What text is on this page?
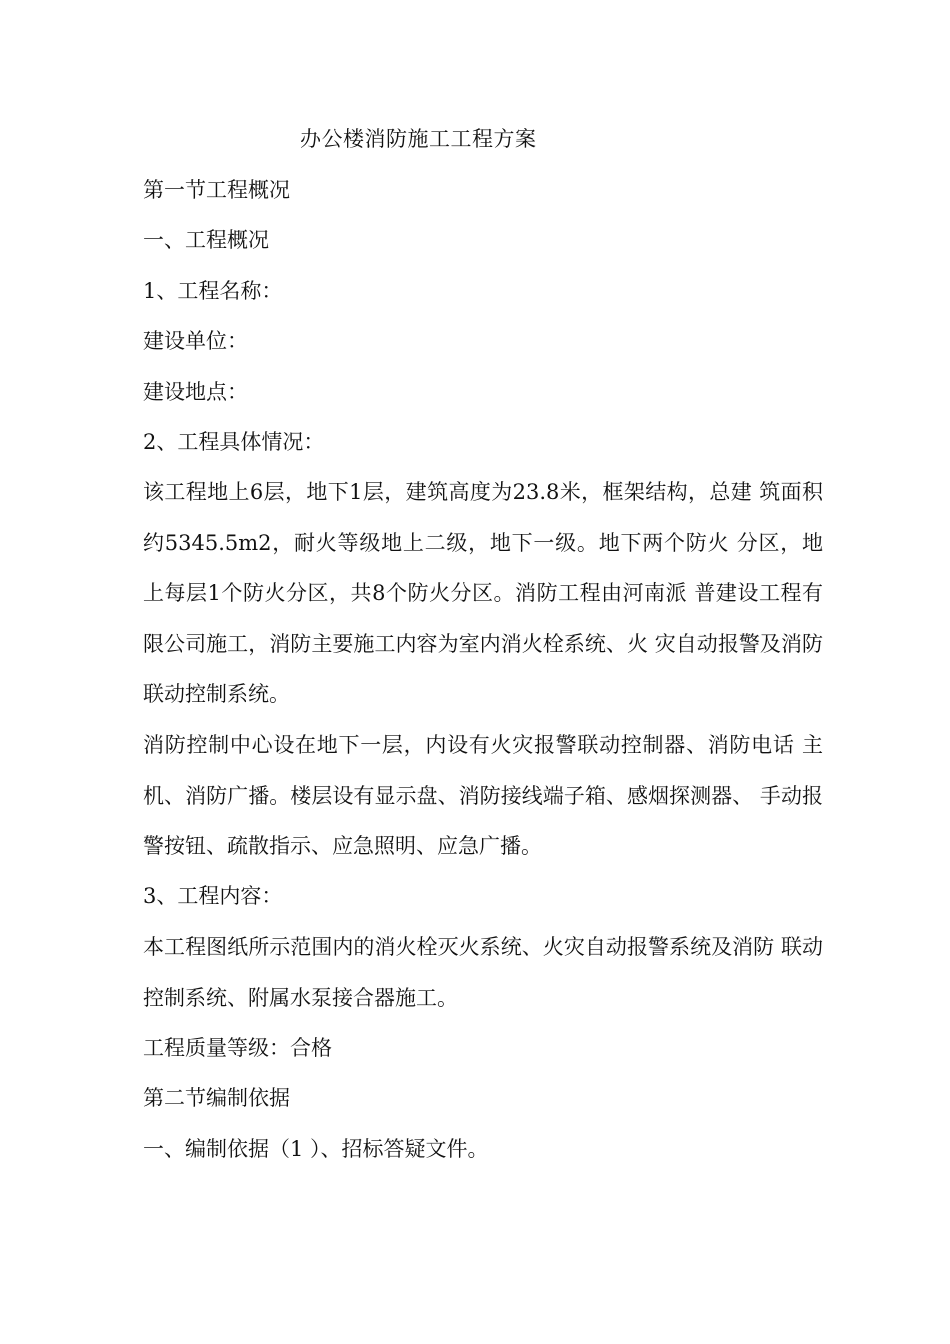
办公楼消防施工工程方案
第一节工程概况
一、工程概况
1、工程名称：
建设单位：
建设地点：
2、工程具体情况：
该工程地上6层，地下1层，建筑高度为23.8米，框架结构，总建 筑面积约5345.5m2，耐火等级地上二级，地下一级。地下两个防火 分区，地上每层1个防火分区，共8个防火分区。消防工程由河南派 普建设工程有限公司施工，消防主要施工内容为室内消火栓系统、火 灾自动报警及消防联动控制系统。
消防控制中心设在地下一层，内设有火灾报警联动控制器、消防电话 主机、消防广播。楼层设有显示盘、消防接线端子箱、感烟探测器、 手动报警按钮、疏散指示、应急照明、应急广播。
3、工程内容：
本工程图纸所示范围内的消火栓灭火系统、火灾自动报警系统及消防 联动控制系统、附属水泵接合器施工。
工程质量等级：合格
第二节编制依据
一、编制依据（1 ）、招标答疑文件。
